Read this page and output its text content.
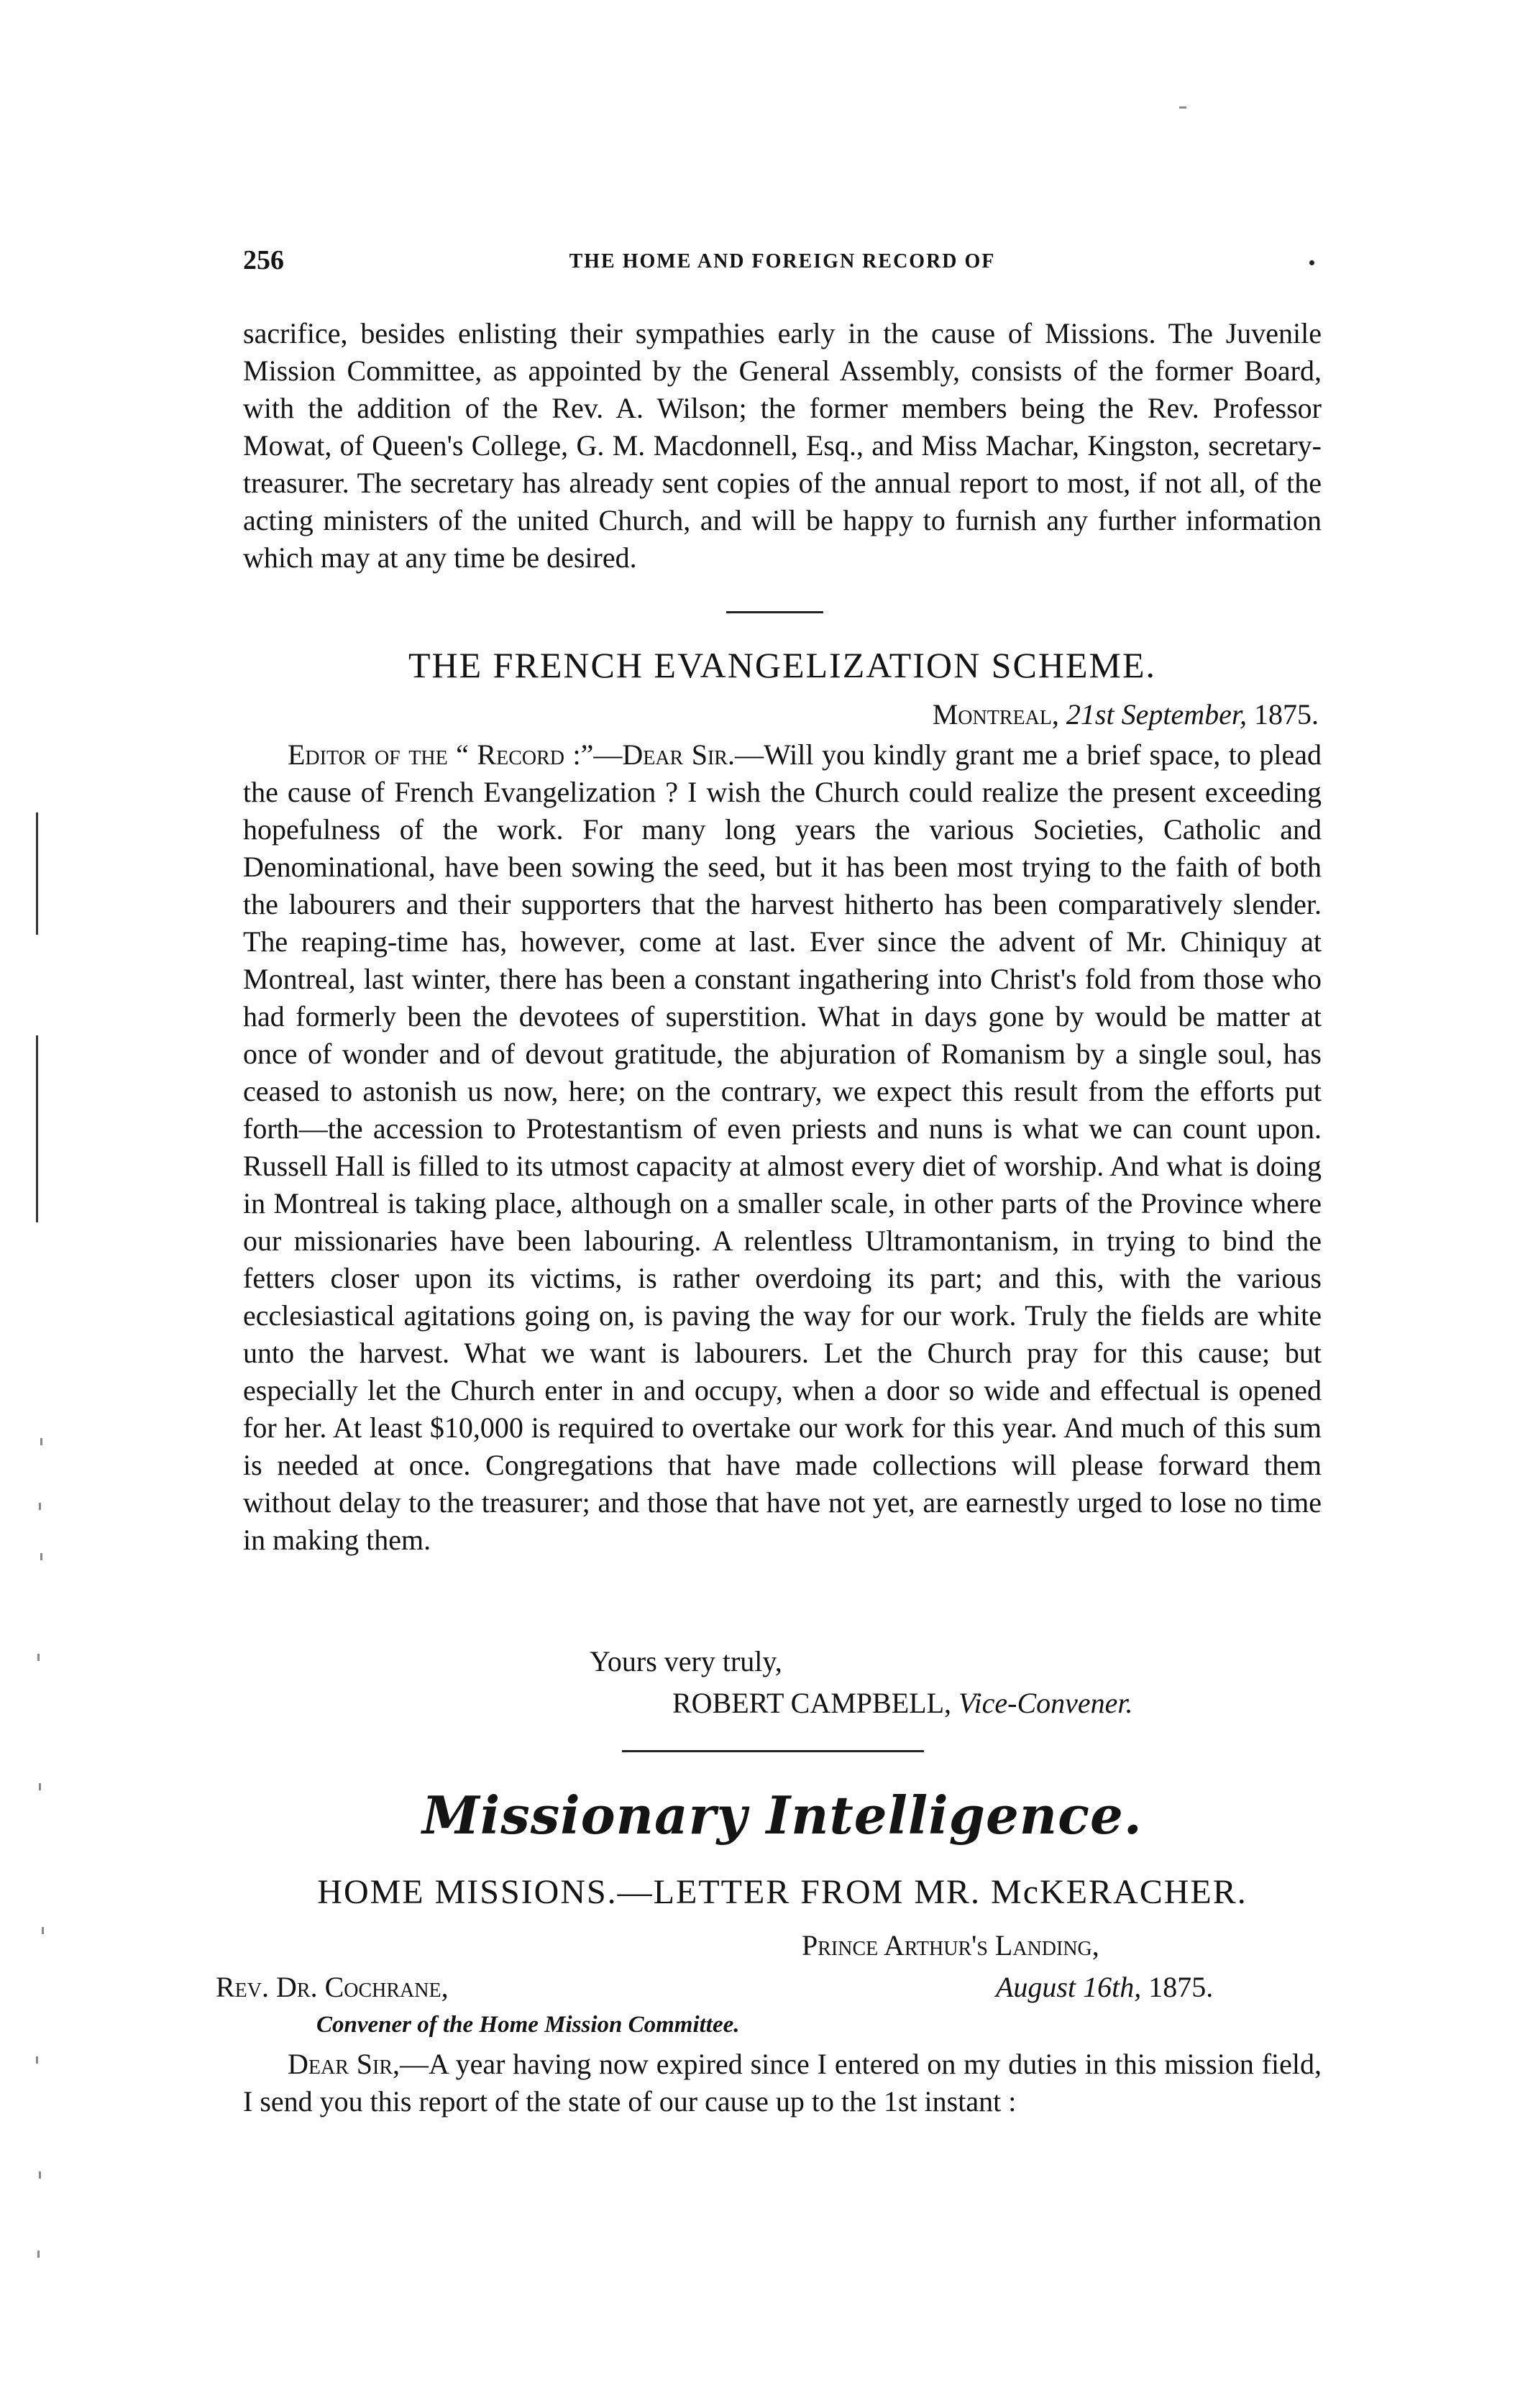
256	THE HOME AND FOREIGN RECORD OF

sacrifice, besides enlisting their sympathies early in the cause of Missions. The Juvenile Mission Committee, as appointed by the General Assembly, consists of the former Board, with the addition of the Rev. A. Wilson; the former members being the Rev. Professor Mowat, of Queen's College, G. M. Macdonnell, Esq., and Miss Machar, Kingston, secretary-treasurer. The secretary has already sent copies of the annual report to most, if not all, of the acting ministers of the united Church, and will be happy to furnish any further information which may at any time be desired.

THE FRENCH EVANGELIZATION SCHEME.
Montreal, 21st September, 1875.

Editor of the “ Record :”—Dear Sir.—Will you kindly grant me a brief space, to plead the cause of French Evangelization ? I wish the Church could realize the present exceeding hopefulness of the work. For many long years the various Societies, Catholic and Denominational, have been sowing the seed, but it has been most trying to the faith of both the labourers and their supporters that the harvest hitherto has been comparatively slender. The reaping-time has, however, come at last. Ever since the advent of Mr. Chiniquy at Montreal, last winter, there has been a constant ingathering into Christ's fold from those who had formerly been the devotees of superstition. What in days gone by would be matter at once of wonder and of devout gratitude, the abjuration of Romanism by a single soul, has ceased to astonish us now, here; on the contrary, we expect this result from the efforts put forth—the accession to Protestantism of even priests and nuns is what we can count upon. Russell Hall is filled to its utmost capacity at almost every diet of worship. And what is doing in Montreal is taking place, although on a smaller scale, in other parts of the Province where our missionaries have been labouring. A relentless Ultramontanism, in trying to bind the fetters closer upon its victims, is rather overdoing its part; and this, with the various ecclesiastical agitations going on, is paving the way for our work. Truly the fields are white unto the harvest. What we want is labourers. Let the Church pray for this cause; but especially let the Church enter in and occupy, when a door so wide and effectual is opened for her. At least $10,000 is required to overtake our work for this year. And much of this sum is needed at once. Congregations that have made collections will please forward them without delay to the treasurer; and those that have not yet, are earnestly urged to lose no time in making them.

Yours very truly,
ROBERT CAMPBELL, Vice-Convener.
Missionary Intelligence.
HOME MISSIONS.—LETTER FROM MR. McKERACHER.
Prince Arthur's Landing,
Rev. Dr. Cochrane,	August 16th, 1875.
Convener of the Home Mission Committee.

Dear Sir,—A year having now expired since I entered on my duties in this mission field, I send you this report of the state of our cause up to the 1st instant :
